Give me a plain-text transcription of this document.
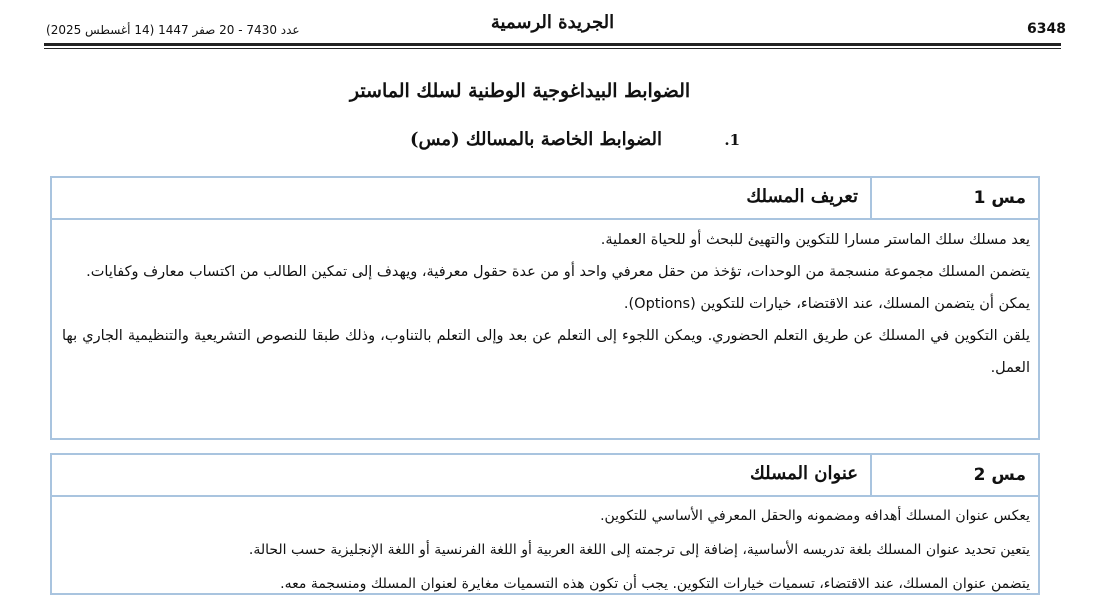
6348
الجريدة الرسمية
عدد 7430 - 20 صفر 1447 (14 أغسطس 2025)
الضوابط البيداغوجية الوطنية لسلك الماستر
1.
الضوابط الخاصة بالمسالك (مس)
مس 1
تعريف المسلك

يعد مسلك سلك الماستر مسارا للتكوين والتهيئ للبحث أو للحياة العملية.

يتضمن المسلك مجموعة منسجمة من الوحدات، تؤخذ من حقل معرفي واحد أو من عدة حقول معرفية، ويهدف إلى تمكين الطالب من اكتساب معارف وكفايات.

يمكن أن يتضمن المسلك، عند الاقتضاء، خيارات للتكوين (Options).

يلقن التكوين في المسلك عن طريق التعلم الحضوري. ويمكن اللجوء إلى التعلم عن بعد وإلى التعلم بالتناوب، وذلك طبقا للنصوص التشريعية والتنظيمية الجاري بها العمل.

مس 2
عنوان المسلك

يعكس عنوان المسلك أهدافه ومضمونه والحقل المعرفي الأساسي للتكوين.

يتعين تحديد عنوان المسلك بلغة تدريسه الأساسية، إضافة إلى ترجمته إلى اللغة العربية أو اللغة الفرنسية أو اللغة الإنجليزية حسب الحالة.

يتضمن عنوان المسلك، عند الاقتضاء، تسميات خيارات التكوين. يجب أن تكون هذه التسميات مغايرة لعنوان المسلك ومنسجمة معه.
